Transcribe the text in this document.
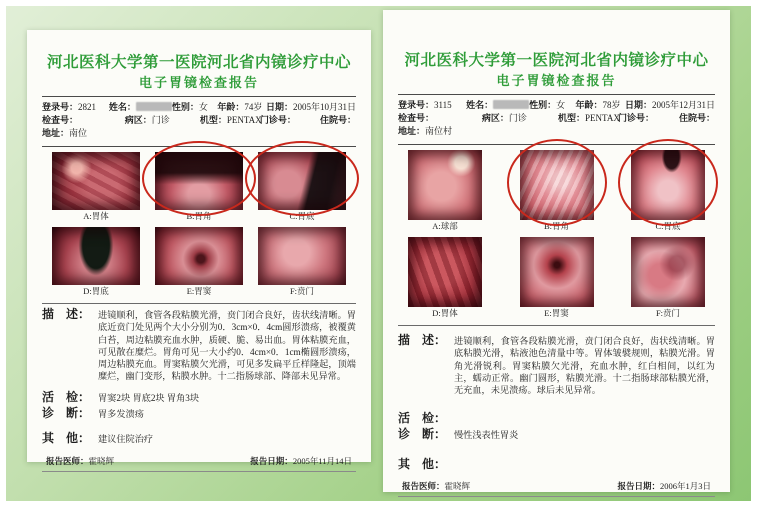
河北医科大学第一医院河北省内镜诊疗中心
电子胃镜检查报告
登录号：2821	姓名：	性别：女	年龄：74岁 日期：2005年10月31日
检查号：	病区：门诊	机型：PENTAX
门诊号：	住院号：
地址：南位
A:胃体	B:胃角	C:胃底
D:胃底	E:胃窦	F:贲门
描　述： 进镜顺利，食管各段粘膜光滑，贲门闭合良好，齿状线清晰。胃底近贲门处见两个大小分别为0．3cm×0．4cm圆形溃疡，被覆黄白苔，周边粘膜充血水肿，质硬、脆、易出血。胃体粘膜充血，可见散在糜烂。胃角可见一大小约0．4cm×0．1cm椭圆形溃疡，周边粘膜充血。胃窦粘膜欠光滑，可见多发扁平丘样隆起，顶端糜烂，幽门变形，粘膜水肿。十二指肠球部、降部未见异常。
活　检： 胃窦2块 胃底2块 胃角3块
诊　断： 胃多发溃疡
其　他： 建议住院治疗
报告医师：霍晓辉	报告日期：2005年11月14日
河北医科大学第一医院河北省内镜诊疗中心
电子胃镜检查报告
登录号：3115	姓名：	性别：女	年龄：78岁 日期：2005年12月31日
检查号：	病区：门诊	机型：PENTAX
门诊号：	住院号：
地址：南位村
A:球部	B:胃角	C:胃底
D:胃体	E:胃窦	F:贲门
描　述： 进镜顺利，食管各段粘膜光滑，贲门闭合良好，齿状线清晰。胃底粘膜光滑，粘液池色清量中等。胃体皱襞规则，粘膜光滑。胃角光滑锐利。胃窦粘膜欠光滑，充血水肿，红白相间，以红为主，蠕动正常。幽门圆形，粘膜光滑。十二指肠球部粘膜光滑，无充血，未见溃疡。球后未见异常。
活　检：
诊　断： 慢性浅表性胃炎
其　他：
报告医师：霍晓辉	报告日期：2006年1月3日
